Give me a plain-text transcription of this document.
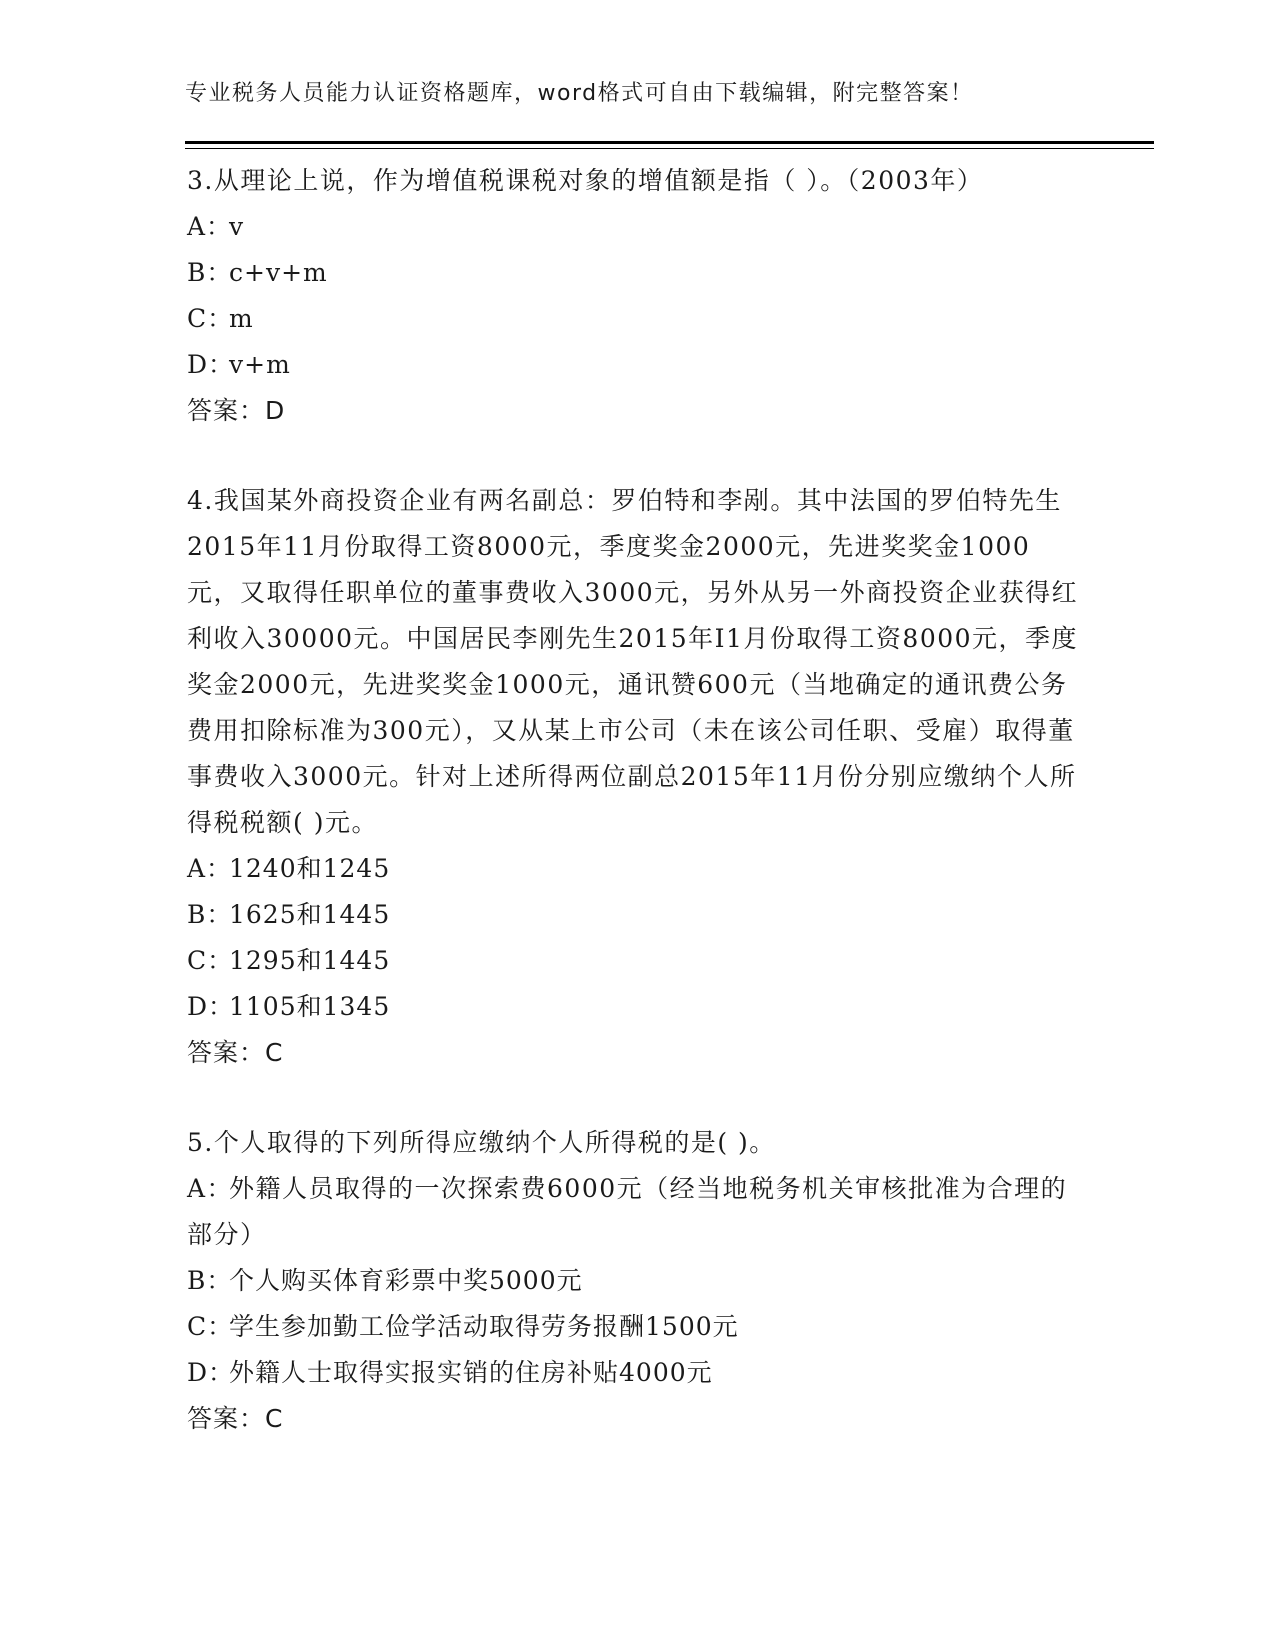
专业税务人员能力认证资格题库，word格式可自由下载编辑，附完整答案！

3.从理论上说，作为增值税课税对象的增值额是指（ ）。（2003年）

A：v

B：c+v+m

C：m

D：v+m

答案：D

4.我国某外商投资企业有两名副总：罗伯特和李剐。其中法国的罗伯特先生2015年11月份取得工资8000元，季度奖金2000元，先进奖奖金1000元，又取得任职单位的董事费收入3000元，另外从另一外商投资企业获得红利收入30000元。中国居民李刚先生2015年I1月份取得工资8000元，季度奖金2000元，先进奖奖金1000元，通讯赞600元（当地确定的通讯费公务费用扣除标准为300元），又从某上市公司（未在该公司任职、受雇）取得董事费收入3000元。针对上述所得两位副总2015年11月份分别应缴纳个人所得税税额( )元。

A：1240和1245

B：1625和1445

C：1295和1445

D：1105和1345

答案：C

5.个人取得的下列所得应缴纳个人所得税的是( )。

A：外籍人员取得的一次探索费6000元（经当地税务机关审核批准为合理的部分）

B：个人购买体育彩票中奖5000元

C：学生参加勤工俭学活动取得劳务报酬1500元

D：外籍人士取得实报实销的住房补贴4000元

答案：C
